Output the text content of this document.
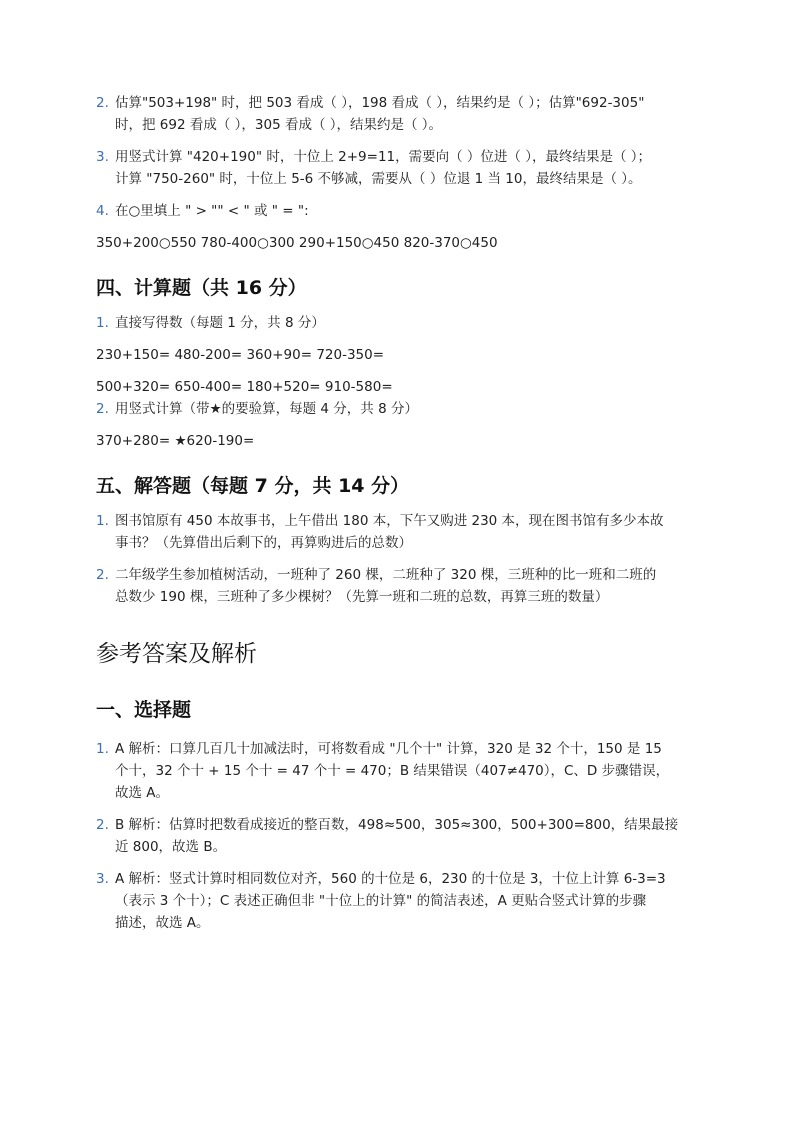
2. 估算"503+198" 时，把 503 看成（ ），198 看成（ ），结果约是（ ）；估算"692-305"
时，把 692 看成（ ），305 看成（ ），结果约是（ ）。
3. 用竖式计算 "420+190" 时，十位上 2+9=11，需要向（ ）位进（ ），最终结果是（ ）；
计算 "750-260" 时，十位上 5-6 不够减，需要从（ ）位退 1 当 10，最终结果是（ ）。
4. 在○里填上 " > "" < " 或 " = ":
350+200○550 780-400○300 290+150○450 820-370○450
四、计算题（共 16 分）
1. 直接写得数（每题 1 分，共 8 分）
230+150= 480-200= 360+90= 720-350=
500+320= 650-400= 180+520= 910-580=
2. 用竖式计算（带★的要验算，每题 4 分，共 8 分）
370+280= ★620-190=
五、解答题（每题 7 分，共 14 分）
1. 图书馆原有 450 本故事书，上午借出 180 本，下午又购进 230 本，现在图书馆有多少本故
事书？（先算借出后剩下的，再算购进后的总数）
2. 二年级学生参加植树活动，一班种了 260 棵，二班种了 320 棵，三班种的比一班和二班的
总数少 190 棵，三班种了多少棵树？（先算一班和二班的总数，再算三班的数量）
参考答案及解析
一、选择题
1. A 解析：口算几百几十加减法时，可将数看成 "几个十" 计算，320 是 32 个十，150 是 15
个十，32 个十 + 15 个十 = 47 个十 = 470；B 结果错误（407≠470），C、D 步骤错误，
故选 A。
2. B 解析：估算时把数看成接近的整百数，498≈500，305≈300，500+300=800，结果最接
近 800，故选 B。
3. A 解析：竖式计算时相同数位对齐，560 的十位是 6，230 的十位是 3，十位上计算 6-3=3
（表示 3 个十）；C 表述正确但非 "十位上的计算" 的简洁表述，A 更贴合竖式计算的步骤
描述，故选 A。
